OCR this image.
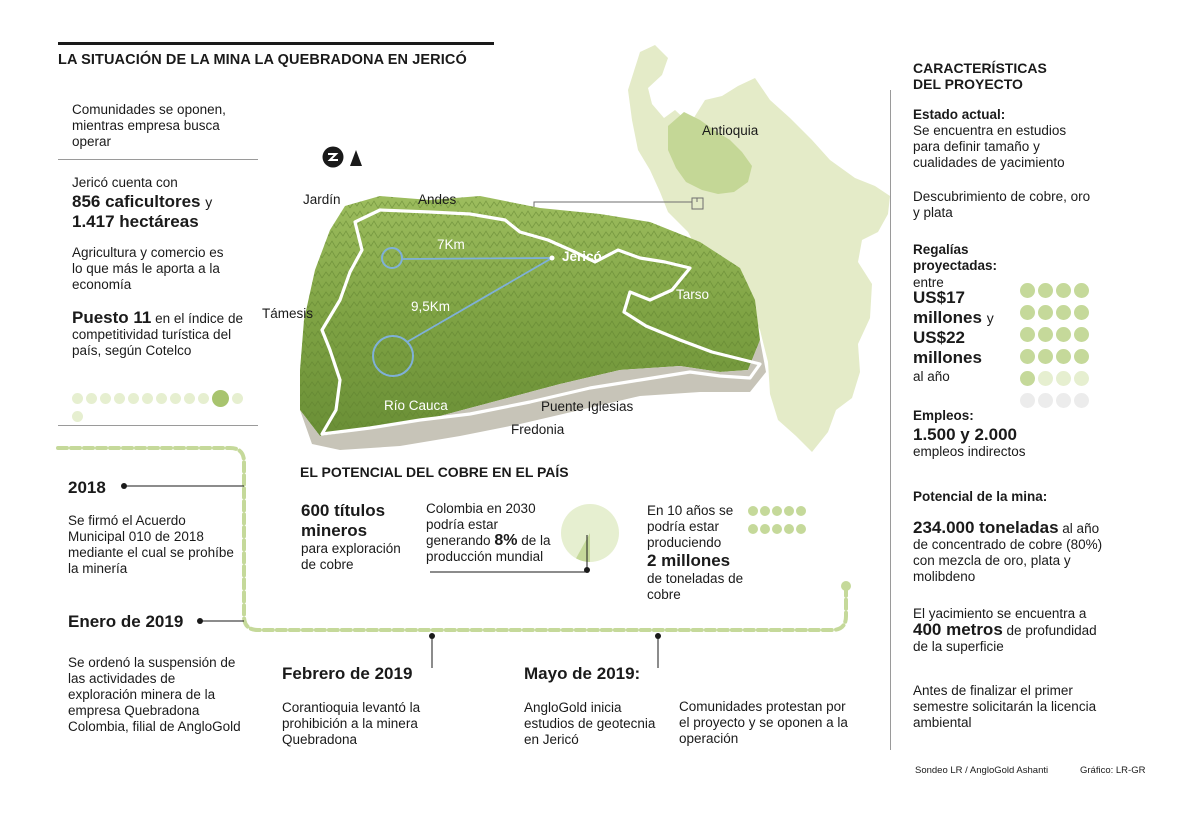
Jardín	Andes
Támesis
Antioquia
7Km
9,5Km
Jericó
Tarso
Río Cauca	Puente Iglesias
Fredonia
LA SITUACIÓN DE LA MINA LA QUEBRADONA EN JERICÓ
Comunidades se oponen, mientras empresa busca operar
Jericó cuenta con
856 caficultores y
1.417 hectáreas
Agricultura y comercio es lo que más le aporta a la economía
Puesto 11 en el índice de competitividad turística del país, según Cotelco
2018
Se firmó el Acuerdo Municipal 010 de 2018 mediante el cual se prohíbe la minería
Enero de 2019
Se ordenó la suspensión de las actividades de exploración minera de la empresa Quebradona Colombia, filial de AngloGold
Febrero de 2019
Corantioquia levantó la prohibición a la minera Quebradona
Mayo de 2019:
AngloGold inicia estudios de geotecnia en Jericó
Comunidades protestan por el proyecto y se oponen a la operación
EL POTENCIAL DEL COBRE EN EL PAÍS
600 títulos mineros
para exploración de cobre
Colombia en 2030 podría estar generando 8% de la producción mundial
En 10 años se podría estar produciendo
2 millones
de toneladas de cobre
CARACTERÍSTICAS DEL PROYECTO
Estado actual:
Se encuentra en estudios para definir tamaño y cualidades de yacimiento
Descubrimiento de cobre, oro y plata
Regalías proyectadas:
entre
US$17 millones y US$22 millones
al año
Empleos:
1.500 y 2.000
empleos indirectos
Potencial de la mina:
234.000 toneladas al año de concentrado de cobre (80%) con mezcla de oro, plata y molibdeno
El yacimiento se encuentra a 400 metros de profundidad de la superficie
Antes de finalizar el primer semestre solicitarán la licencia ambiental
Sondeo LR / AngloGold Ashanti	Gráfico: LR-GR
